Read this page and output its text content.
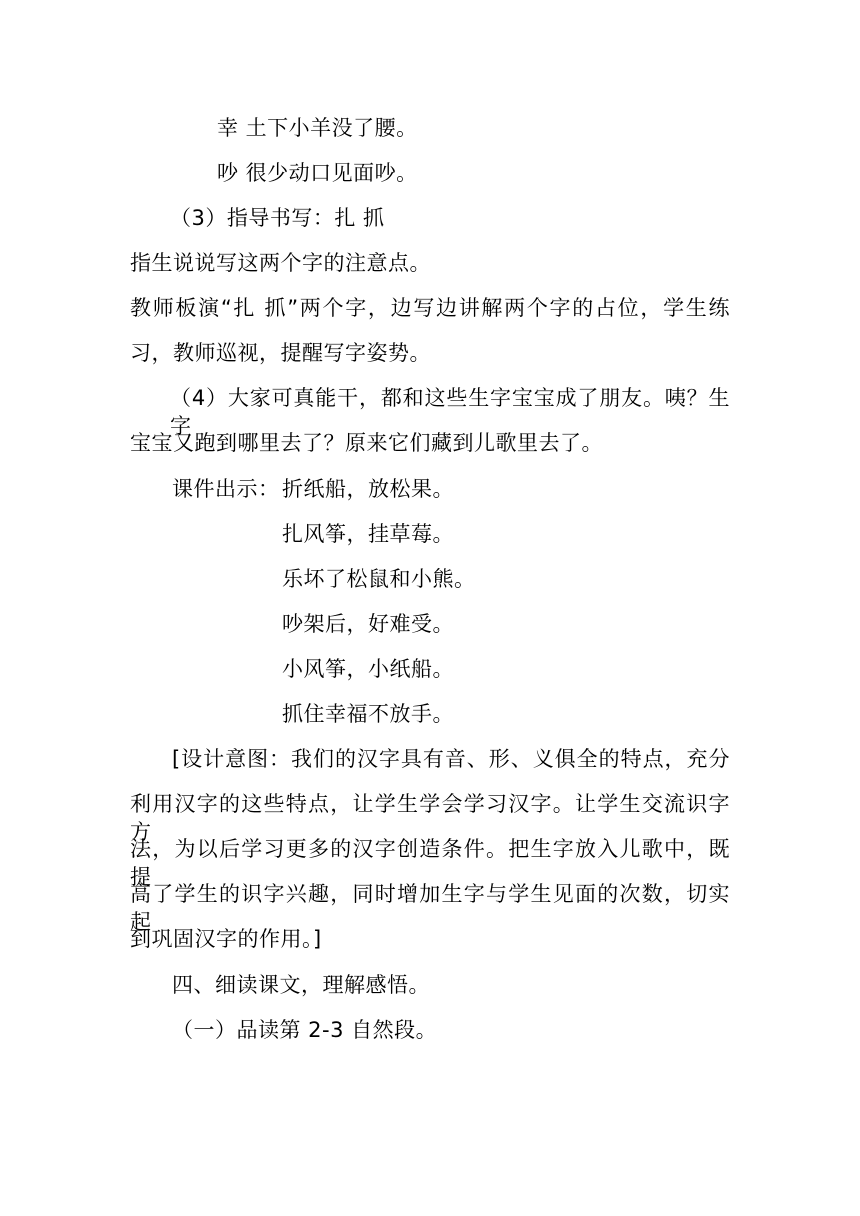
幸 土下小羊没了腰。
吵 很少动口见面吵。
（3）指导书写：扎 抓
指生说说写这两个字的注意点。
教师板演“扎 抓”两个字，边写边讲解两个字的占位，学生练
习，教师巡视，提醒写字姿势。
（4）大家可真能干，都和这些生字宝宝成了朋友。咦？生字
宝宝又跑到哪里去了？原来它们藏到儿歌里去了。
课件出示： 折纸船，放松果。
扎风筝，挂草莓。
乐坏了松鼠和小熊。
吵架后，好难受。
小风筝，小纸船。
抓住幸福不放手。
[设计意图：我们的汉字具有音、形、义俱全的特点，充分
利用汉字的这些特点，让学生学会学习汉字。让学生交流识字方
法，为以后学习更多的汉字创造条件。把生字放入儿歌中，既提
高了学生的识字兴趣，同时增加生字与学生见面的次数，切实起
到巩固汉字的作用。]
四、细读课文，理解感悟。
（一）品读第 2-3 自然段。
